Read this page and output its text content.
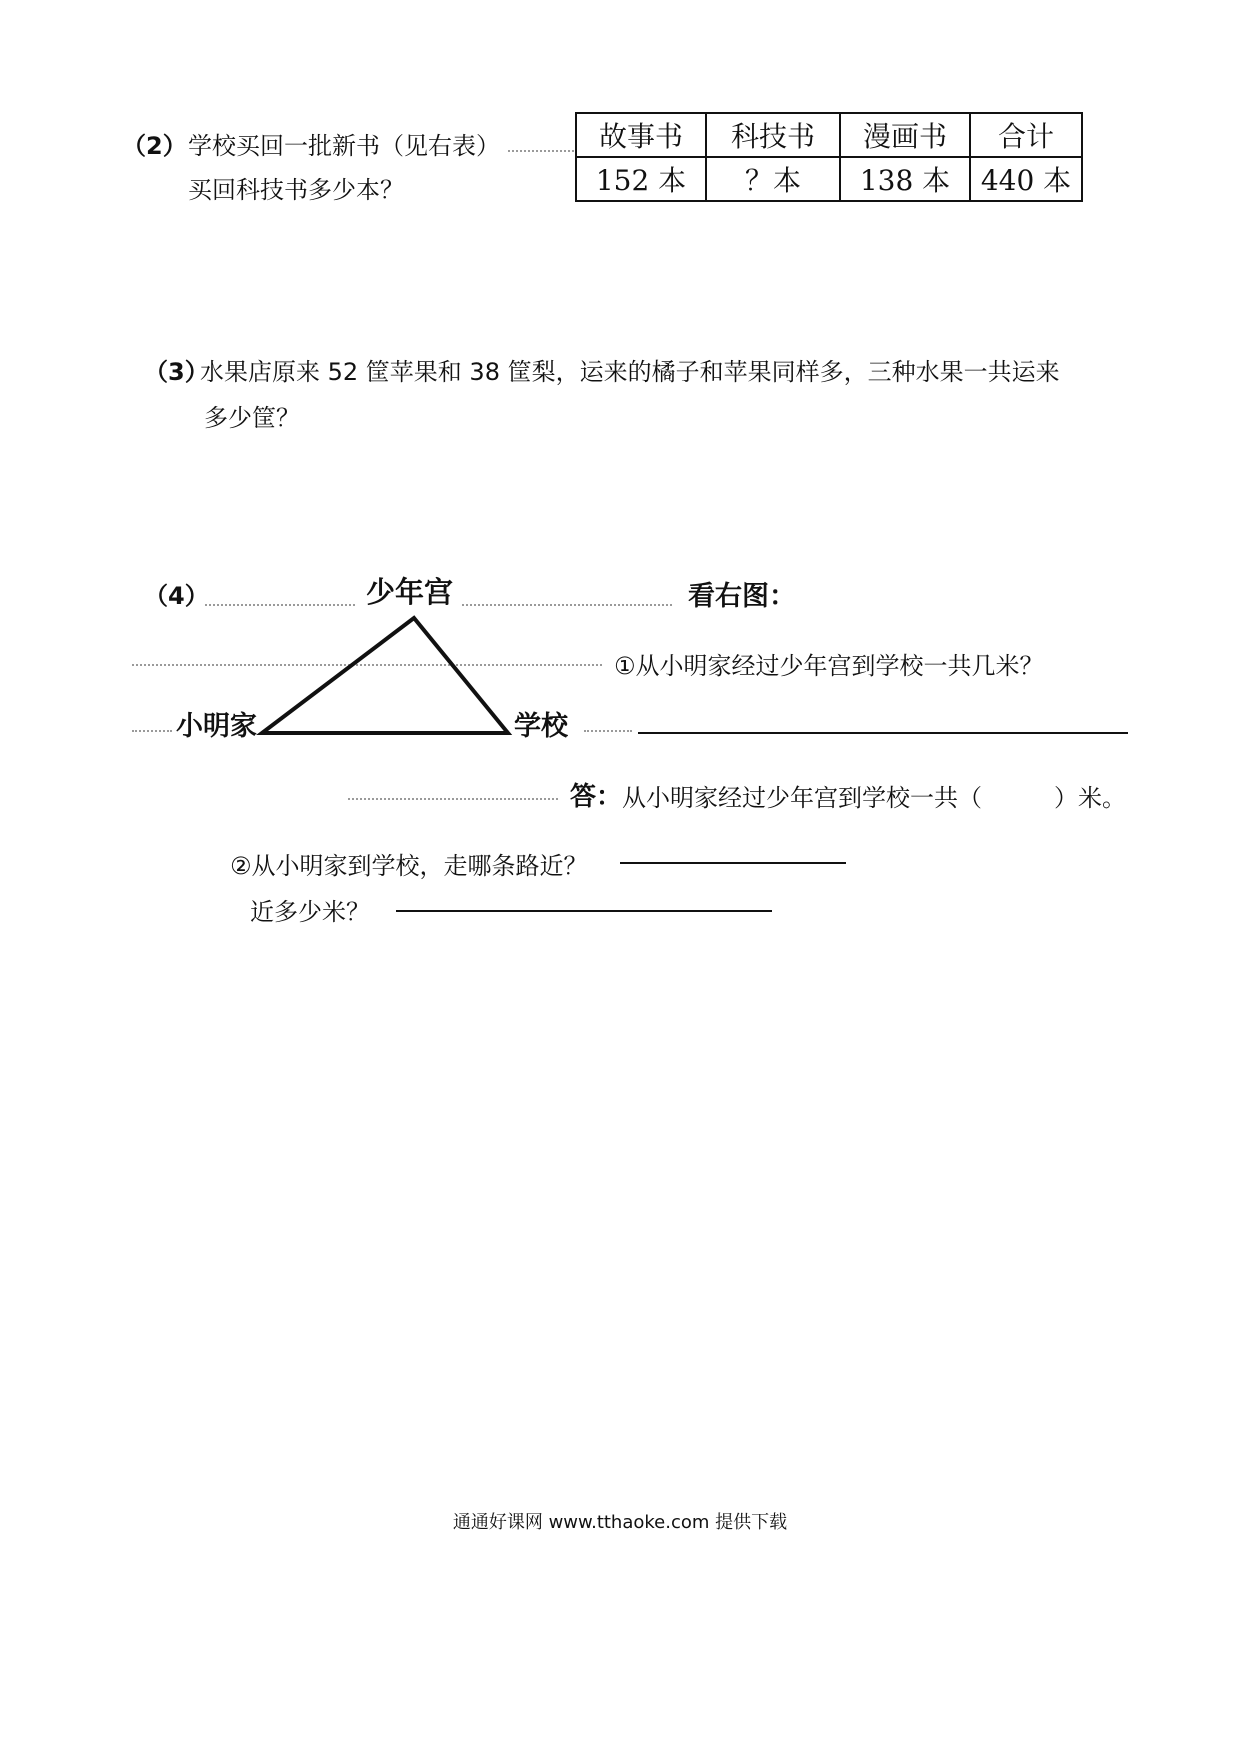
（2） 学校买回一批新书（见右表）
买回科技书多少本？
故事书	科技书	漫画书	合计
152 本	？本	138 本	440 本
（3）
水果店原来 52 筐苹果和 38 筐梨，运来的橘子和苹果同样多，三种水果一共运来
多少筐？
（4）	少年宫	看右图：
①从小明家经过少年宫到学校一共几米？
小明家	学校
答： 从小明家经过少年宫到学校一共（　　　）米。
②从小明家到学校，走哪条路近？
近多少米？
通通好课网 www.tthaoke.com 提供下载
